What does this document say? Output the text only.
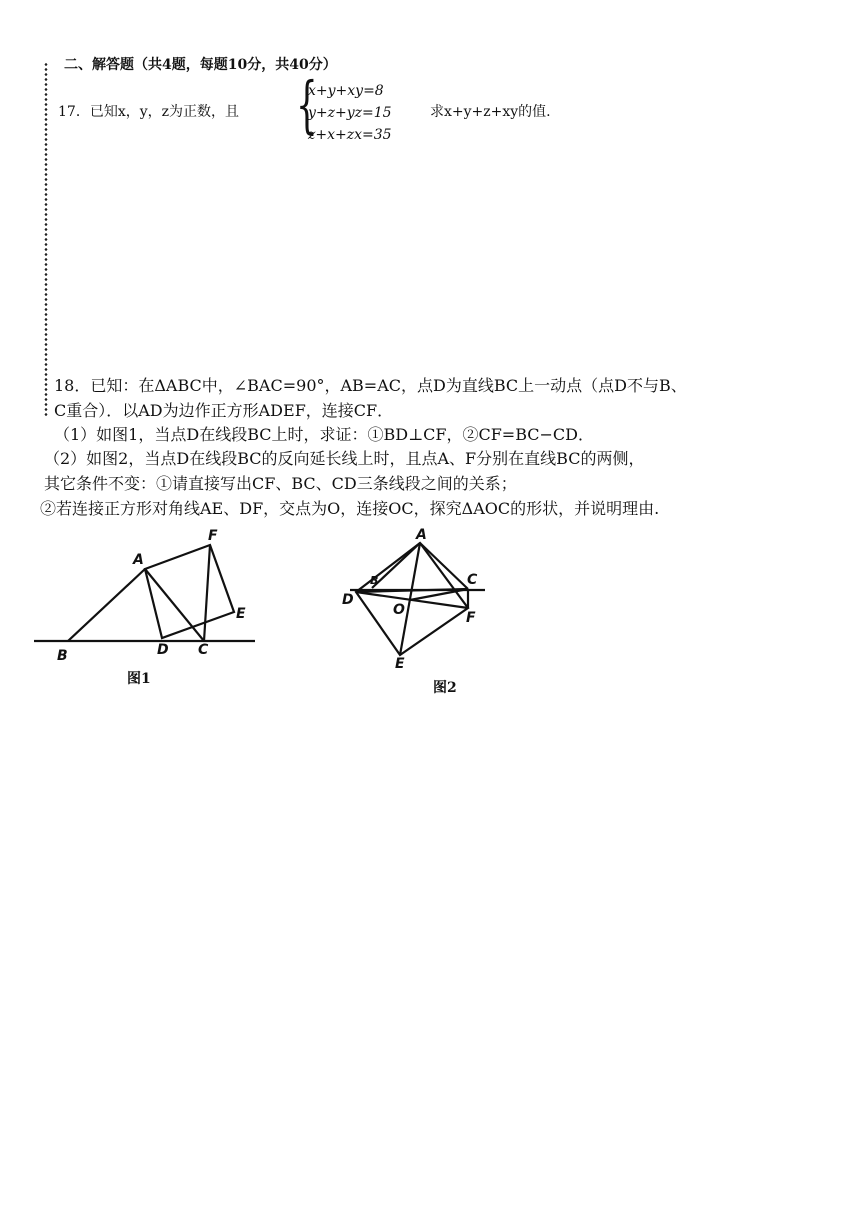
二、解答题（共4题，每题10分，共40分）
17．已知x，y，z为正数，且 {
x+y+xy=8
y+z+yz=15
z+x+zx=35
求x+y+z+xy的值.
18．已知：在ΔABC中，∠BAC=90°，AB=AC，点D为直线BC上一动点（点D不与B、
C重合）．以AD为边作正方形ADEF，连接CF．
（1）如图1，当点D在线段BC上时，求证：①BD⊥CF，②CF=BC−CD．
（2）如图2，当点D在线段BC的反向延长线上时，且点A、F分别在直线BC的两侧，
其它条件不变：①请直接写出CF、BC、CD三条线段之间的关系；
②若连接正方形对角线AE、DF，交点为O，连接OC，探究ΔAOC的形状，并说明理由.
A
B	C
D
E
F
图1
A
B	C
D
E
F
O
图2
